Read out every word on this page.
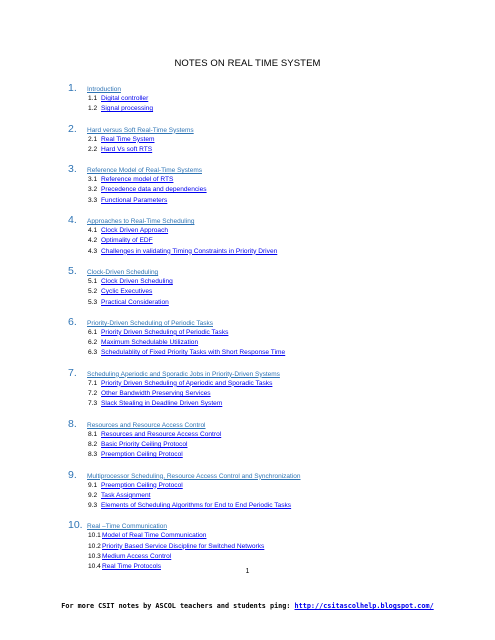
NOTES ON REAL TIME SYSTEM
1.	Introduction
1.1 Digital controller
1.2 Signal processing
2.	Hard versus Soft Real-Time Systems
2.1 Real Time System
2.2 Hard Vs soft RTS
3.	Reference Model of Real-Time Systems
3.1 Reference model of RTS
3.2 Precedence data and dependencies
3.3 Functional Parameters
4.	Approaches to Real-Time Scheduling
4.1 Clock Driven Approach
4.2 Optimality of EDF
4.3 Challenges in validating Timing Constraints in Priority Driven
5.	Clock-Driven Scheduling
5.1 Clock Driven Scheduling
5.2 Cyclic Executives
5.3 Practical Consideration
6.	Priority-Driven Scheduling of Periodic Tasks
6.1 Priority Driven Scheduling of Periodic Tasks
6.2 Maximum Schedulable Utilization
6.3 Schedulablity of Fixed Priority Tasks with Short Response Time
7.	Scheduling Aperiodic and Sporadic Jobs in Priority-Driven Systems
7.1 Priority Driven Scheduling of Aperiodic and Sporadic Tasks
7.2 Other Bandwidth Preserving Services
7.3 Slack Stealing in Deadline Driven System
8.	Resources and Resource Access Control
8.1 Resources and Resource Access Control
8.2 Basic Priority Ceiling Protocol
8.3 Preemption Ceiling Protocol
9.	Multiprocessor Scheduling, Resource Access Control and Synchronization
9.1 Preemption Ceiling Protocol
9.2 Task Assignment
9.3 Elements of Scheduling Algorithms for End to End Periodic Tasks
10. Real –Time Communication
10.1 Model of Real Time Communication
10.2 Priority Based Service Discipline for Switched Networks
10.3 Medium Access Control
10.4 Real Time Protocols
1
For more CSIT notes by ASCOL teachers and students ping: http://csitascolhelp.blogspot.com/
